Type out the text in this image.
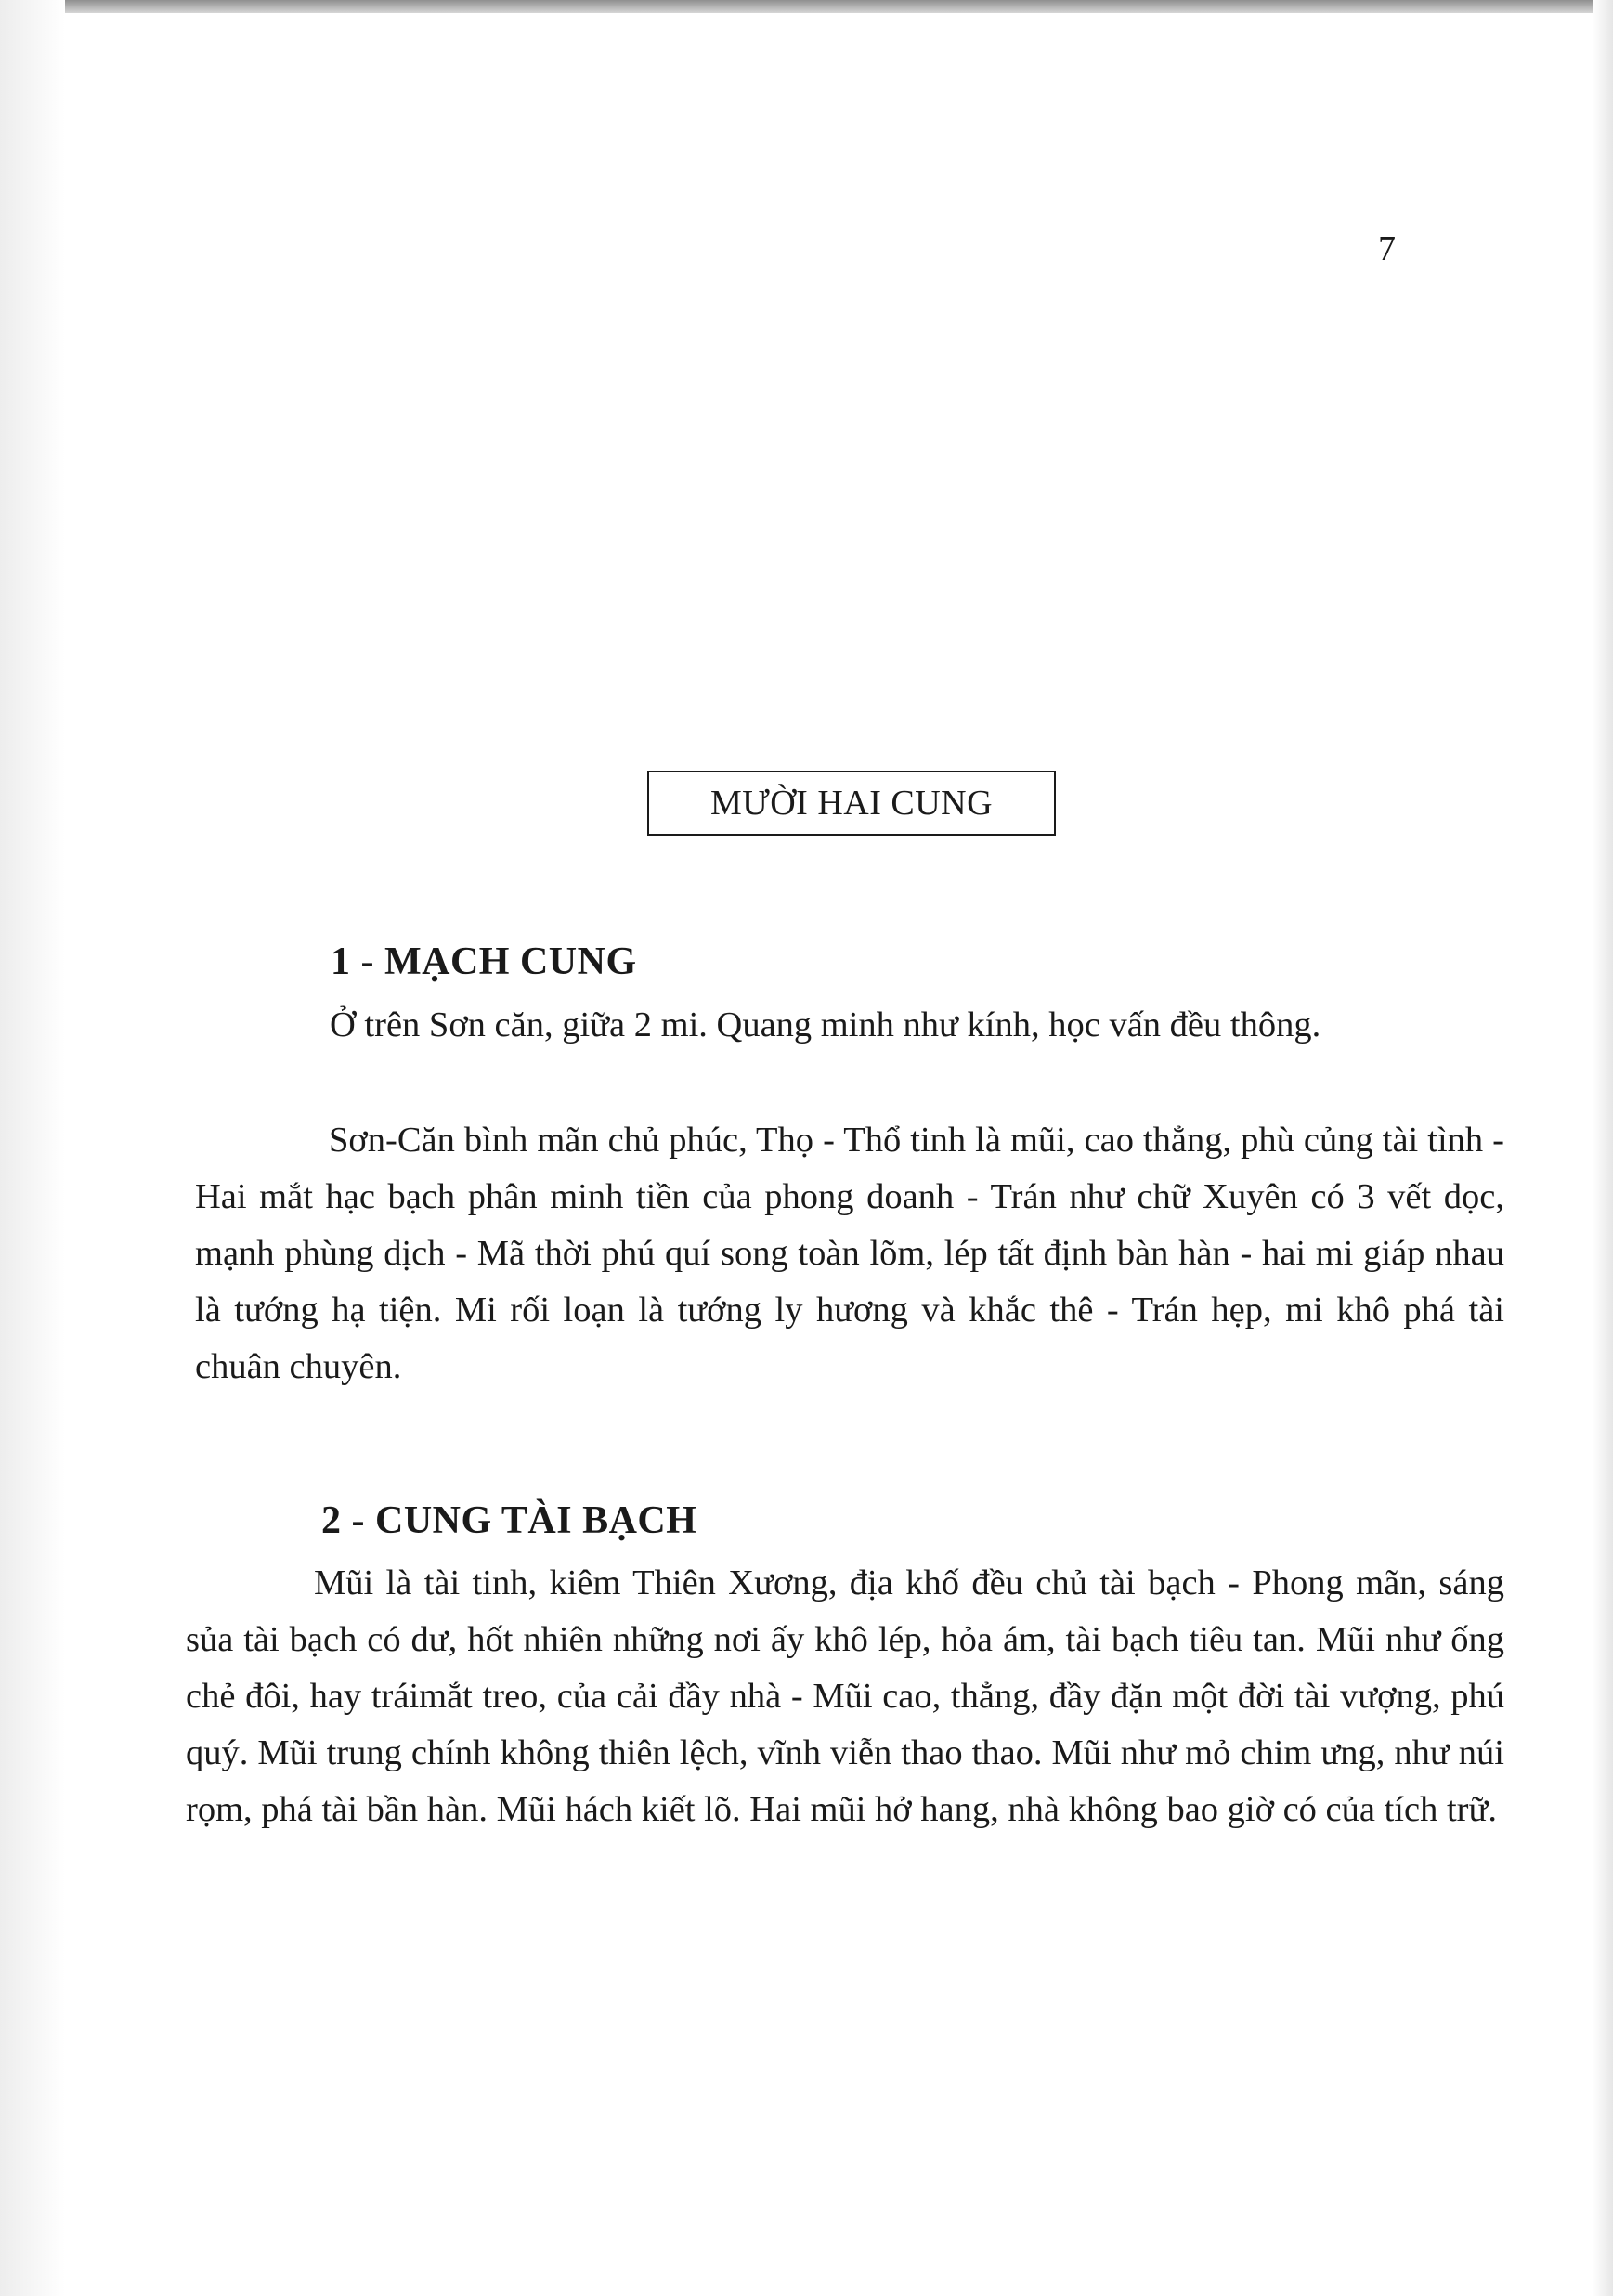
7
MƯỜI HAI CUNG
1 - MẠCH CUNG

Ở trên Sơn căn, giữa 2 mi. Quang minh như kính, học vấn đều thông.

Sơn-Căn bình mãn chủ phúc, Thọ - Thổ tinh là mũi, cao thẳng, phù củng tài tình - Hai mắt hạc bạch phân minh tiền của phong doanh - Trán như chữ Xuyên có 3 vết dọc, mạnh phùng dịch - Mã thời phú quí song toàn lõm, lép tất định bàn hàn - hai mi giáp nhau là tướng hạ tiện. Mi rối loạn là tướng ly hương và khắc thê - Trán hẹp, mi khô phá tài chuân chuyên.

2 - CUNG TÀI BẠCH

Mũi là tài tinh, kiêm Thiên Xương, địa khố đều chủ tài bạch - Phong mãn, sáng sủa tài bạch có dư, hốt nhiên những nơi ấy khô lép, hỏa ám, tài bạch tiêu tan. Mũi như ống chẻ đôi, hay tráimắt treo, của cải đầy nhà - Mũi cao, thẳng, đầy đặn một đời tài vượng, phú quý. Mũi trung chính không thiên lệch, vĩnh viễn thao thao. Mũi như mỏ chim ưng, như núi rọm, phá tài bần hàn. Mũi hách kiết lõ. Hai mũi hở hang, nhà không bao giờ có của tích trữ.
